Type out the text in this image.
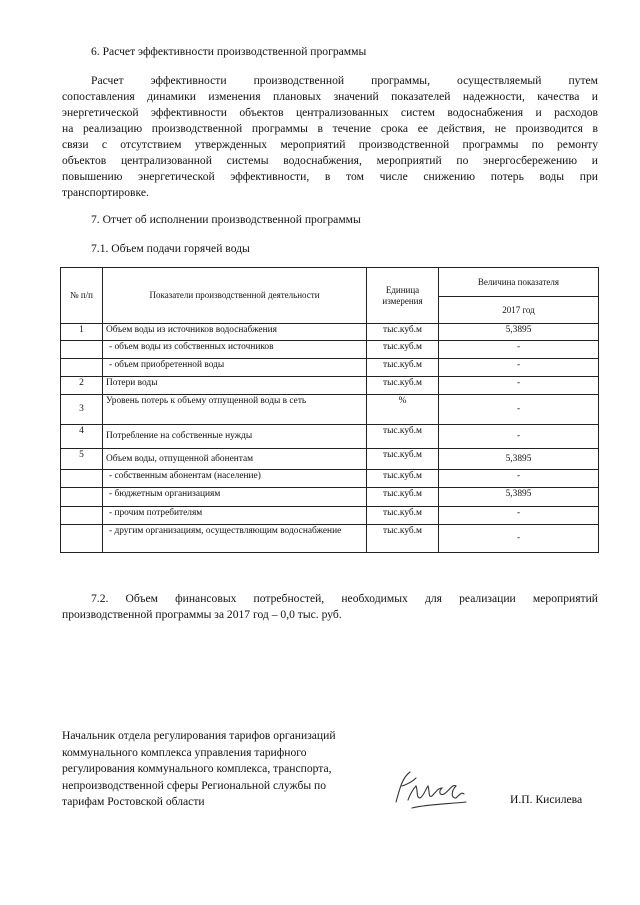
6. Расчет эффективности производственной программы

Расчет эффективности производственной программы, осуществляемый путем

сопоставления динамики изменения плановых значений показателей надежности, качества и

энергетической эффективности объектов централизованных систем водоснабжения и расходов

на реализацию производственной программы в течение срока ее действия, не производится в

связи с отсутствием утвержденных мероприятий производственной программы по ремонту

объектов централизованной системы водоснабжения, мероприятий по энергосбережению и

повышению энергетической эффективности, в том числе снижению потерь воды при

транспортировке.

7. Отчет об исполнении производственной программы

7.1. Объем подачи горячей воды

№ п/п	Показатели производственной деятельности	Единица измерения	Величина показателя
			2017 год
1	Объем воды из источников водоснабжения	тыс.куб.м	5,3895
	- объем воды из собственных источников	тыс.куб.м	-
	- объем приобретенной воды	тыс.куб.м	-
2	Потери воды	тыс.куб.м	-
3	Уровень потерь к объему отпущенной воды в сеть	%	-
4	Потребление на собственные нужды	тыс.куб.м	-
5	Объем воды, отпущенной абонентам	тыс.куб.м	5,3895
	- собственным абонентам (население)	тыс.куб.м	-
	- бюджетным организациям	тыс.куб.м	5,3895
	- прочим потребителям	тыс.куб.м	-
	- другим организациям, осуществляющим водоснабжение	тыс.куб.м	-

7.2. Объем финансовых потребностей, необходимых для реализации мероприятий

производственной программы за 2017 год – 0,0 тыс. руб.

Начальник отдела регулирования тарифов организаций
коммунального комплекса управления тарифного
регулирования коммунального комплекса, транспорта,
непроизводственной сферы Региональной службы по
тарифам Ростовской области	И.П. Кисилева
